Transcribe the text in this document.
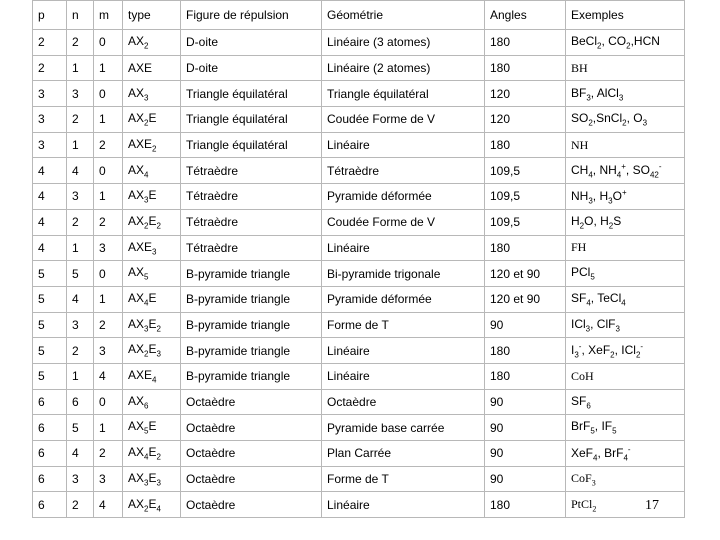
p	n	m	type	Figure de répulsion	Géométrie	Angles	Exemples
2	2	0	$AX_2$	D-oite	Linéaire (3 atomes)	180	BeCl$_2$, $CO_2,HCN$
2	1	1	AXE	D-oite	Linéaire (2 atomes)	180	BH
3	3	0	$AX_3$	Triangle équilatéral	Triangle équilatéral	120	$BF_3$, AlCl$_3$
3	2	1	$AX_2E$	Triangle équilatéral	Coudée Forme de V	120	$SO_2,SnCl_2$, $O_3$
3	1	2	$AXE_2$	Triangle équilatéral	Linéaire	180	NH
4	4	0	$AX_4$	Tétraèdre	Tétraèdre	109,5	$CH_4$, $NH_4^+$, $SO_{42}^-$
4	3	1	$AX_3E$	Tétraèdre	Pyramide déformée	109,5	$NH_3$, $H_3O^+$
4	2	2	$AX_2E_2$	Tétraèdre	Coudée Forme de V	109,5	$H_2O$, $H_2S$
4	1	3	$AXE_3$	Tétraèdre	Linéaire	180	FH
5	5	0	$AX_5$	B-pyramide triangle	Bi-pyramide trigonale	120 et 90	PCl$_5$
5	4	1	$AX_4E$	B-pyramide triangle	Pyramide déformée	120 et 90	$SF_4$, TeCl$_4$
5	3	2	$AX_3E_2$	B-pyramide triangle	Forme de T	90	ICl$_3$, ClF$_3$
5	2	3	$AX_2E_3$	B-pyramide triangle	Linéaire	180	$I_3^-$, XeF$_2$, ICl$_2$-
5	1	4	$AXE_4$	B-pyramide triangle	Linéaire	180	CoH
6	6	0	$AX_6$	Octaèdre	Octaèdre	90	$SF_6$
6	5	1	$AX_5E$	Octaèdre	Pyramide base carrée	90	BrF$_5$, $IF_5$
6	4	2	$AX_4E_2$	Octaèdre	Plan Carrée	90	XeF$_4$, BrF$_4$-
6	3	3	$AX_3E_3$	Octaèdre	Forme de T	90	CoF$_3$
6	2	4	$AX_2E_4$	Octaèdre	Linéaire	180	PtCl$_2$	17
